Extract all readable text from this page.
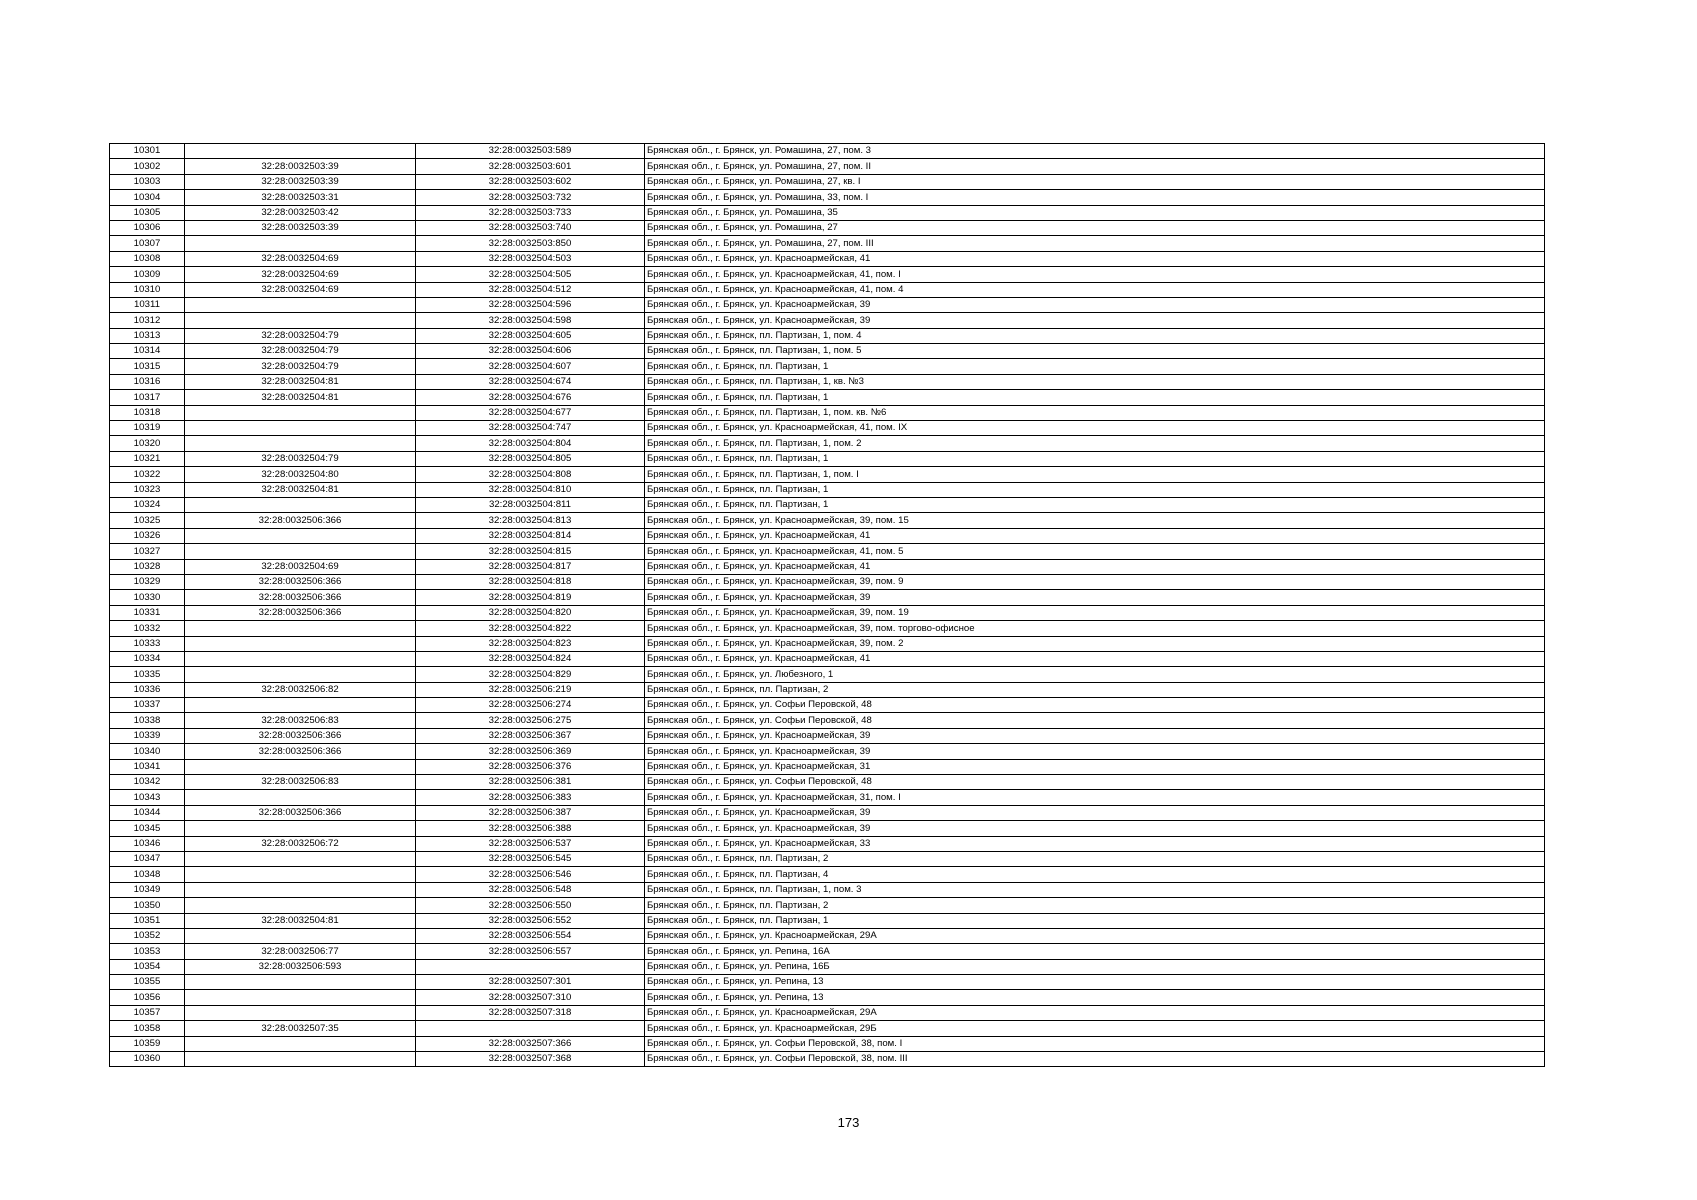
10301		32:28:0032503:589	Брянская обл., г. Брянск, ул. Ромашина, 27, пом. 3
10302	32:28:0032503:39	32:28:0032503:601	Брянская обл., г. Брянск, ул. Ромашина, 27, пом. II
10303	32:28:0032503:39	32:28:0032503:602	Брянская обл., г. Брянск, ул. Ромашина, 27, кв. I
10304	32:28:0032503:31	32:28:0032503:732	Брянская обл., г. Брянск, ул. Ромашина, 33, пом. I
10305	32:28:0032503:42	32:28:0032503:733	Брянская обл., г. Брянск, ул. Ромашина, 35
10306	32:28:0032503:39	32:28:0032503:740	Брянская обл., г. Брянск, ул. Ромашина, 27
10307		32:28:0032503:850	Брянская обл., г. Брянск, ул. Ромашина, 27, пом. III
10308	32:28:0032504:69	32:28:0032504:503	Брянская обл., г. Брянск, ул. Красноармейская, 41
10309	32:28:0032504:69	32:28:0032504:505	Брянская обл., г. Брянск, ул. Красноармейская, 41, пом. I
10310	32:28:0032504:69	32:28:0032504:512	Брянская обл., г. Брянск, ул. Красноармейская, 41, пом. 4
10311		32:28:0032504:596	Брянская обл., г. Брянск, ул. Красноармейская, 39
10312		32:28:0032504:598	Брянская обл., г. Брянск, ул. Красноармейская, 39
10313	32:28:0032504:79	32:28:0032504:605	Брянская обл., г. Брянск, пл. Партизан, 1, пом. 4
10314	32:28:0032504:79	32:28:0032504:606	Брянская обл., г. Брянск, пл. Партизан, 1, пом. 5
10315	32:28:0032504:79	32:28:0032504:607	Брянская обл., г. Брянск, пл. Партизан, 1
10316	32:28:0032504:81	32:28:0032504:674	Брянская обл., г. Брянск, пл. Партизан, 1, кв. №3
10317	32:28:0032504:81	32:28:0032504:676	Брянская обл., г. Брянск, пл. Партизан, 1
10318		32:28:0032504:677	Брянская обл., г. Брянск, пл. Партизан, 1, пом. кв. №6
10319		32:28:0032504:747	Брянская обл., г. Брянск, ул. Красноармейская, 41, пом. IX
10320		32:28:0032504:804	Брянская обл., г. Брянск, пл. Партизан, 1, пом. 2
10321	32:28:0032504:79	32:28:0032504:805	Брянская обл., г. Брянск, пл. Партизан, 1
10322	32:28:0032504:80	32:28:0032504:808	Брянская обл., г. Брянск, пл. Партизан, 1, пом. I
10323	32:28:0032504:81	32:28:0032504:810	Брянская обл., г. Брянск, пл. Партизан, 1
10324		32:28:0032504:811	Брянская обл., г. Брянск, пл. Партизан, 1
10325	32:28:0032506:366	32:28:0032504:813	Брянская обл., г. Брянск, ул. Красноармейская, 39, пом. 15
10326		32:28:0032504:814	Брянская обл., г. Брянск, ул. Красноармейская, 41
10327		32:28:0032504:815	Брянская обл., г. Брянск, ул. Красноармейская, 41, пом. 5
10328	32:28:0032504:69	32:28:0032504:817	Брянская обл., г. Брянск, ул. Красноармейская, 41
10329	32:28:0032506:366	32:28:0032504:818	Брянская обл., г. Брянск, ул. Красноармейская, 39, пом. 9
10330	32:28:0032506:366	32:28:0032504:819	Брянская обл., г. Брянск, ул. Красноармейская, 39
10331	32:28:0032506:366	32:28:0032504:820	Брянская обл., г. Брянск, ул. Красноармейская, 39, пом. 19
10332		32:28:0032504:822	Брянская обл., г. Брянск, ул. Красноармейская, 39, пом. торгово-офисное
10333		32:28:0032504:823	Брянская обл., г. Брянск, ул. Красноармейская, 39, пом. 2
10334		32:28:0032504:824	Брянская обл., г. Брянск, ул. Красноармейская, 41
10335		32:28:0032504:829	Брянская обл., г. Брянск, ул. Любезного, 1
10336	32:28:0032506:82	32:28:0032506:219	Брянская обл., г. Брянск, пл. Партизан, 2
10337		32:28:0032506:274	Брянская обл., г. Брянск, ул. Софьи Перовской, 48
10338	32:28:0032506:83	32:28:0032506:275	Брянская обл., г. Брянск, ул. Софьи Перовской, 48
10339	32:28:0032506:366	32:28:0032506:367	Брянская обл., г. Брянск, ул. Красноармейская, 39
10340	32:28:0032506:366	32:28:0032506:369	Брянская обл., г. Брянск, ул. Красноармейская, 39
10341		32:28:0032506:376	Брянская обл., г. Брянск, ул. Красноармейская, 31
10342	32:28:0032506:83	32:28:0032506:381	Брянская обл., г. Брянск, ул. Софьи Перовской, 48
10343		32:28:0032506:383	Брянская обл., г. Брянск, ул. Красноармейская, 31, пом. I
10344	32:28:0032506:366	32:28:0032506:387	Брянская обл., г. Брянск, ул. Красноармейская, 39
10345		32:28:0032506:388	Брянская обл., г. Брянск, ул. Красноармейская, 39
10346	32:28:0032506:72	32:28:0032506:537	Брянская обл., г. Брянск, ул. Красноармейская, 33
10347		32:28:0032506:545	Брянская обл., г. Брянск, пл. Партизан, 2
10348		32:28:0032506:546	Брянская обл., г. Брянск, пл. Партизан, 4
10349		32:28:0032506:548	Брянская обл., г. Брянск, пл. Партизан, 1, пом. 3
10350		32:28:0032506:550	Брянская обл., г. Брянск, пл. Партизан, 2
10351	32:28:0032504:81	32:28:0032506:552	Брянская обл., г. Брянск, пл. Партизан, 1
10352		32:28:0032506:554	Брянская обл., г. Брянск, ул. Красноармейская, 29А
10353	32:28:0032506:77	32:28:0032506:557	Брянская обл., г. Брянск, ул. Репина, 16А
10354	32:28:0032506:593		Брянская обл., г. Брянск, ул. Репина, 16Б
10355		32:28:0032507:301	Брянская обл., г. Брянск, ул. Репина, 13
10356		32:28:0032507:310	Брянская обл., г. Брянск, ул. Репина, 13
10357		32:28:0032507:318	Брянская обл., г. Брянск, ул. Красноармейская, 29А
10358	32:28:0032507:35		Брянская обл., г. Брянск, ул. Красноармейская, 29Б
10359		32:28:0032507:366	Брянская обл., г. Брянск, ул. Софьи Перовской, 38, пом. I
10360		32:28:0032507:368	Брянская обл., г. Брянск, ул. Софьи Перовской, 38, пом. III
173
